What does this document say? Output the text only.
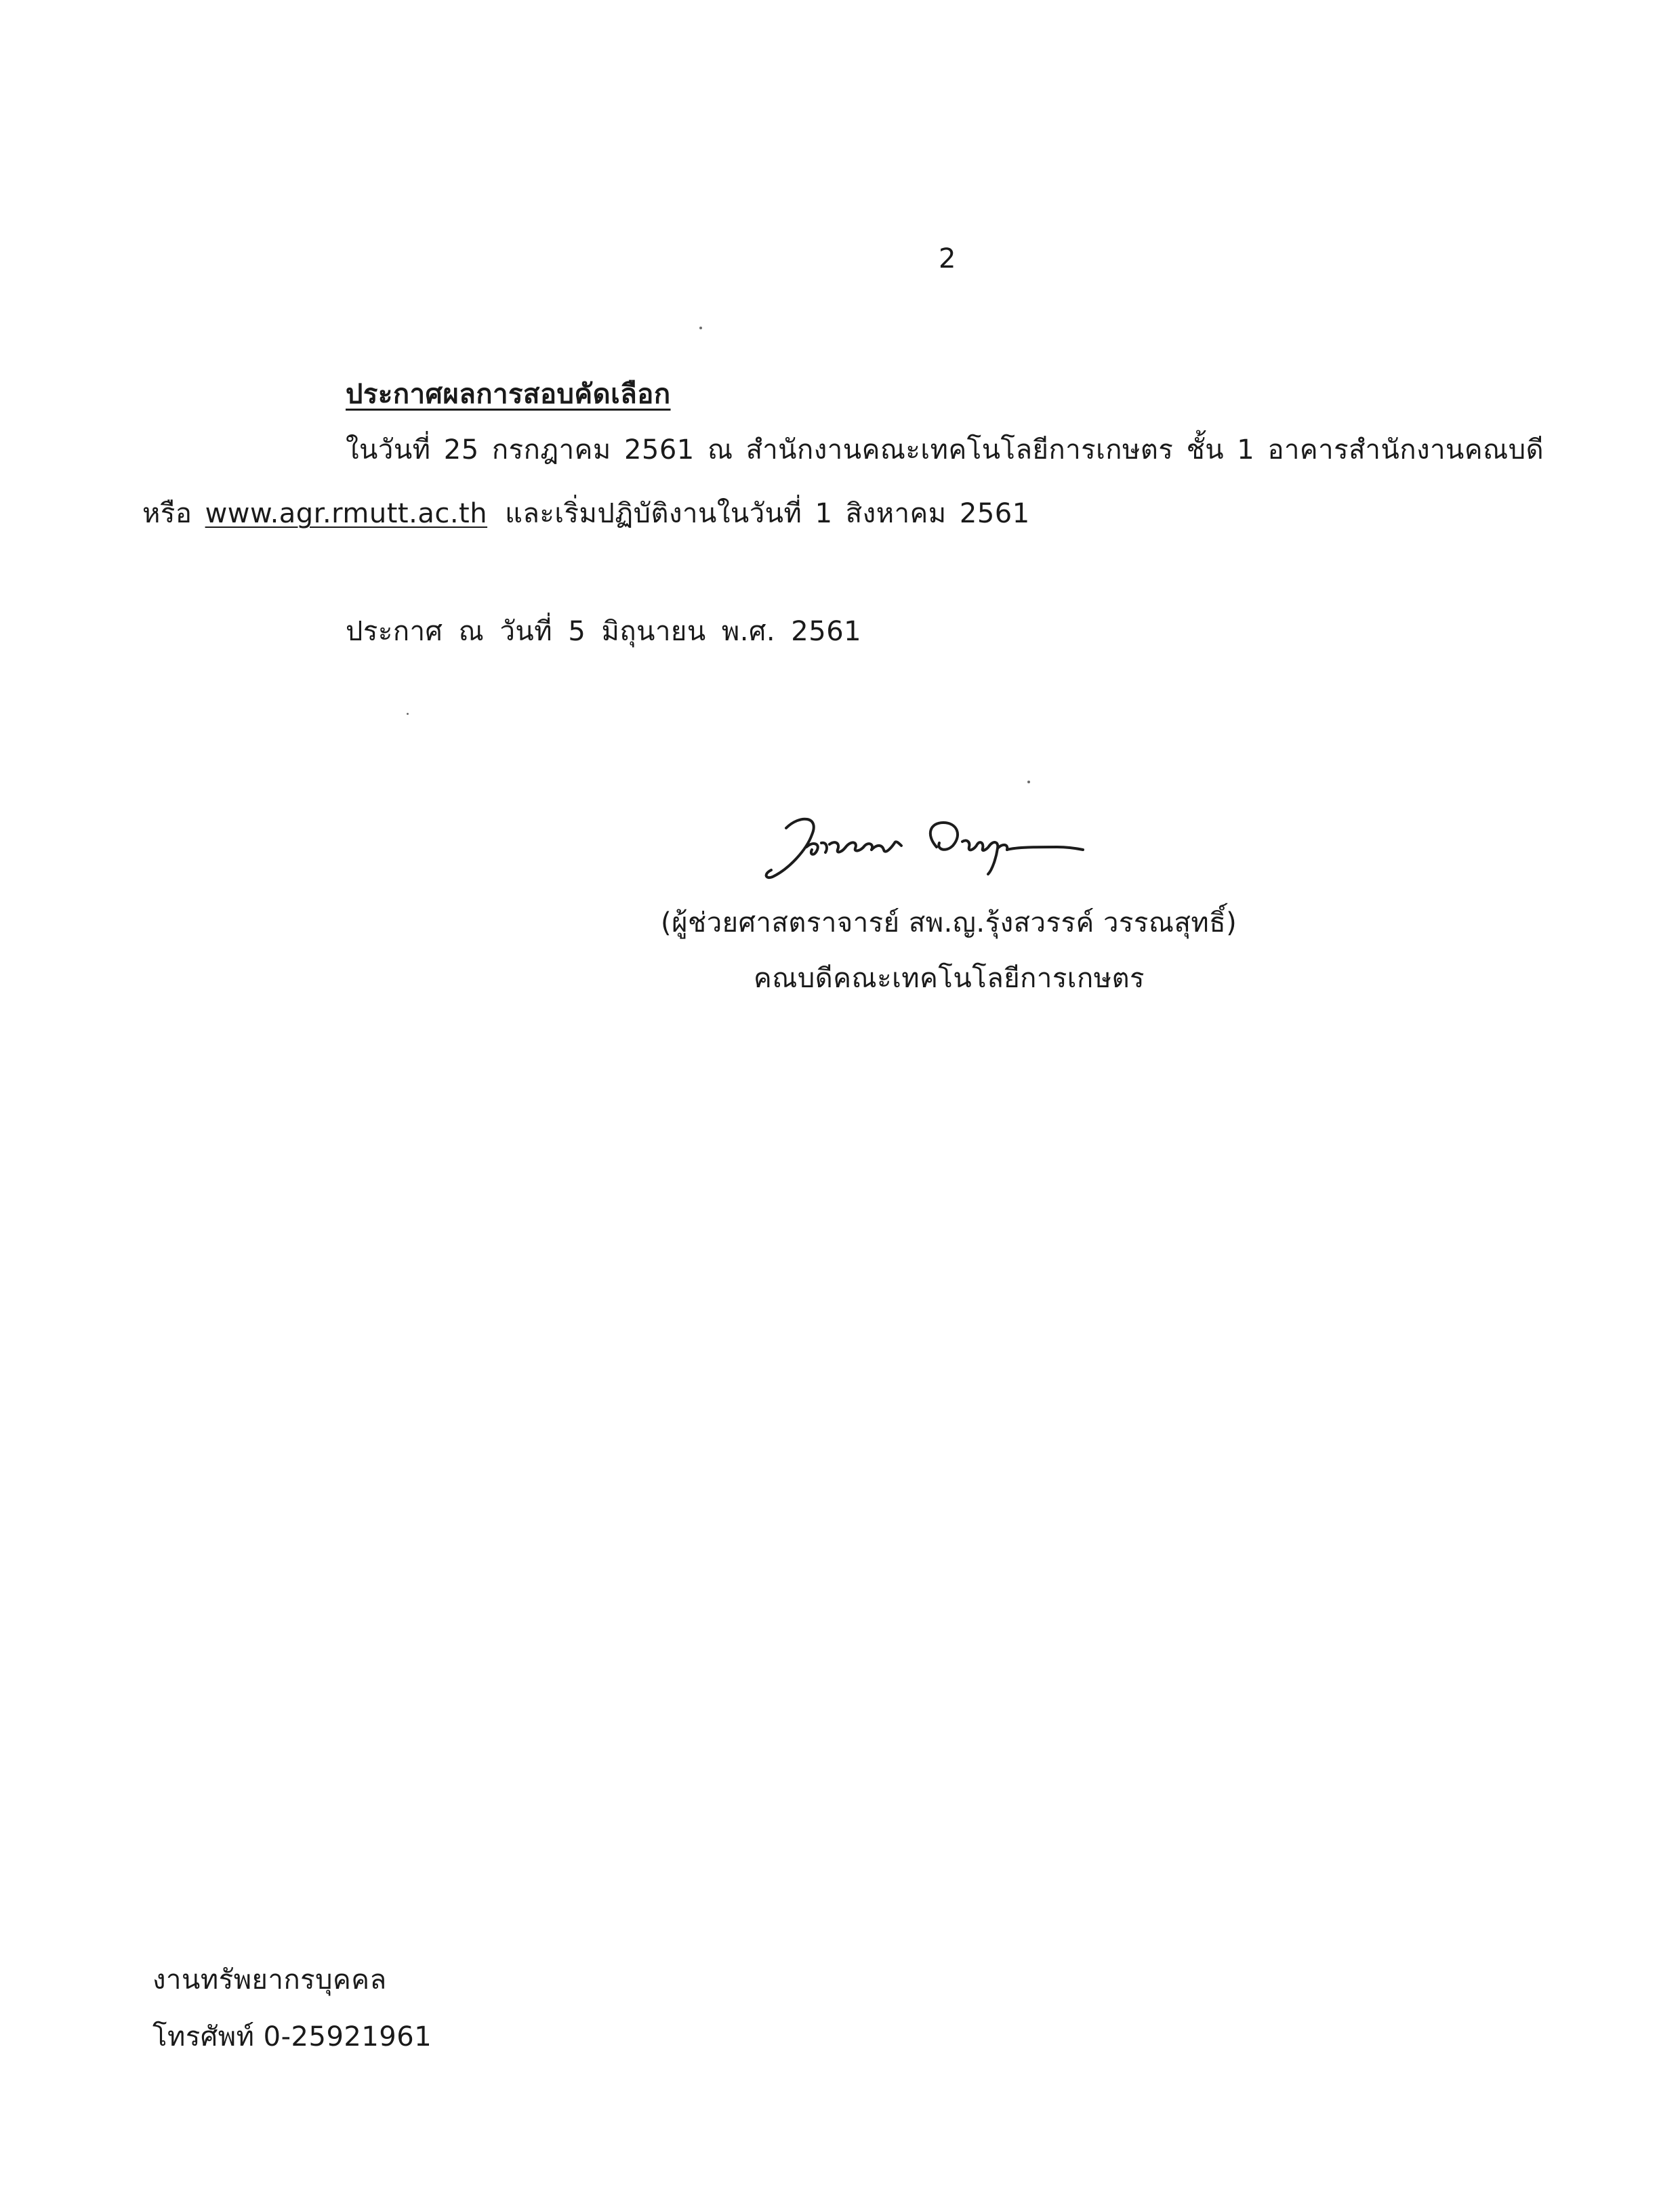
2
ประกาศผลการสอบคัดเลือก
ในวันที่ 25 กรกฎาคม 2561 ณ สำนักงานคณะเทคโนโลยีการเกษตร ชั้น 1 อาคารสำนักงานคณบดี
หรือ www.agr.rmutt.ac.th และเริ่มปฏิบัติงานในวันที่ 1 สิงหาคม 2561
ประกาศ ณ วันที่ 5 มิถุนายน พ.ศ. 2561
(ผู้ช่วยศาสตราจารย์ สพ.ญ.รุ้งสวรรค์ วรรณสุทธิ์)
คณบดีคณะเทคโนโลยีการเกษตร
งานทรัพยากรบุคคล
โทรศัพท์ 0-25921961
